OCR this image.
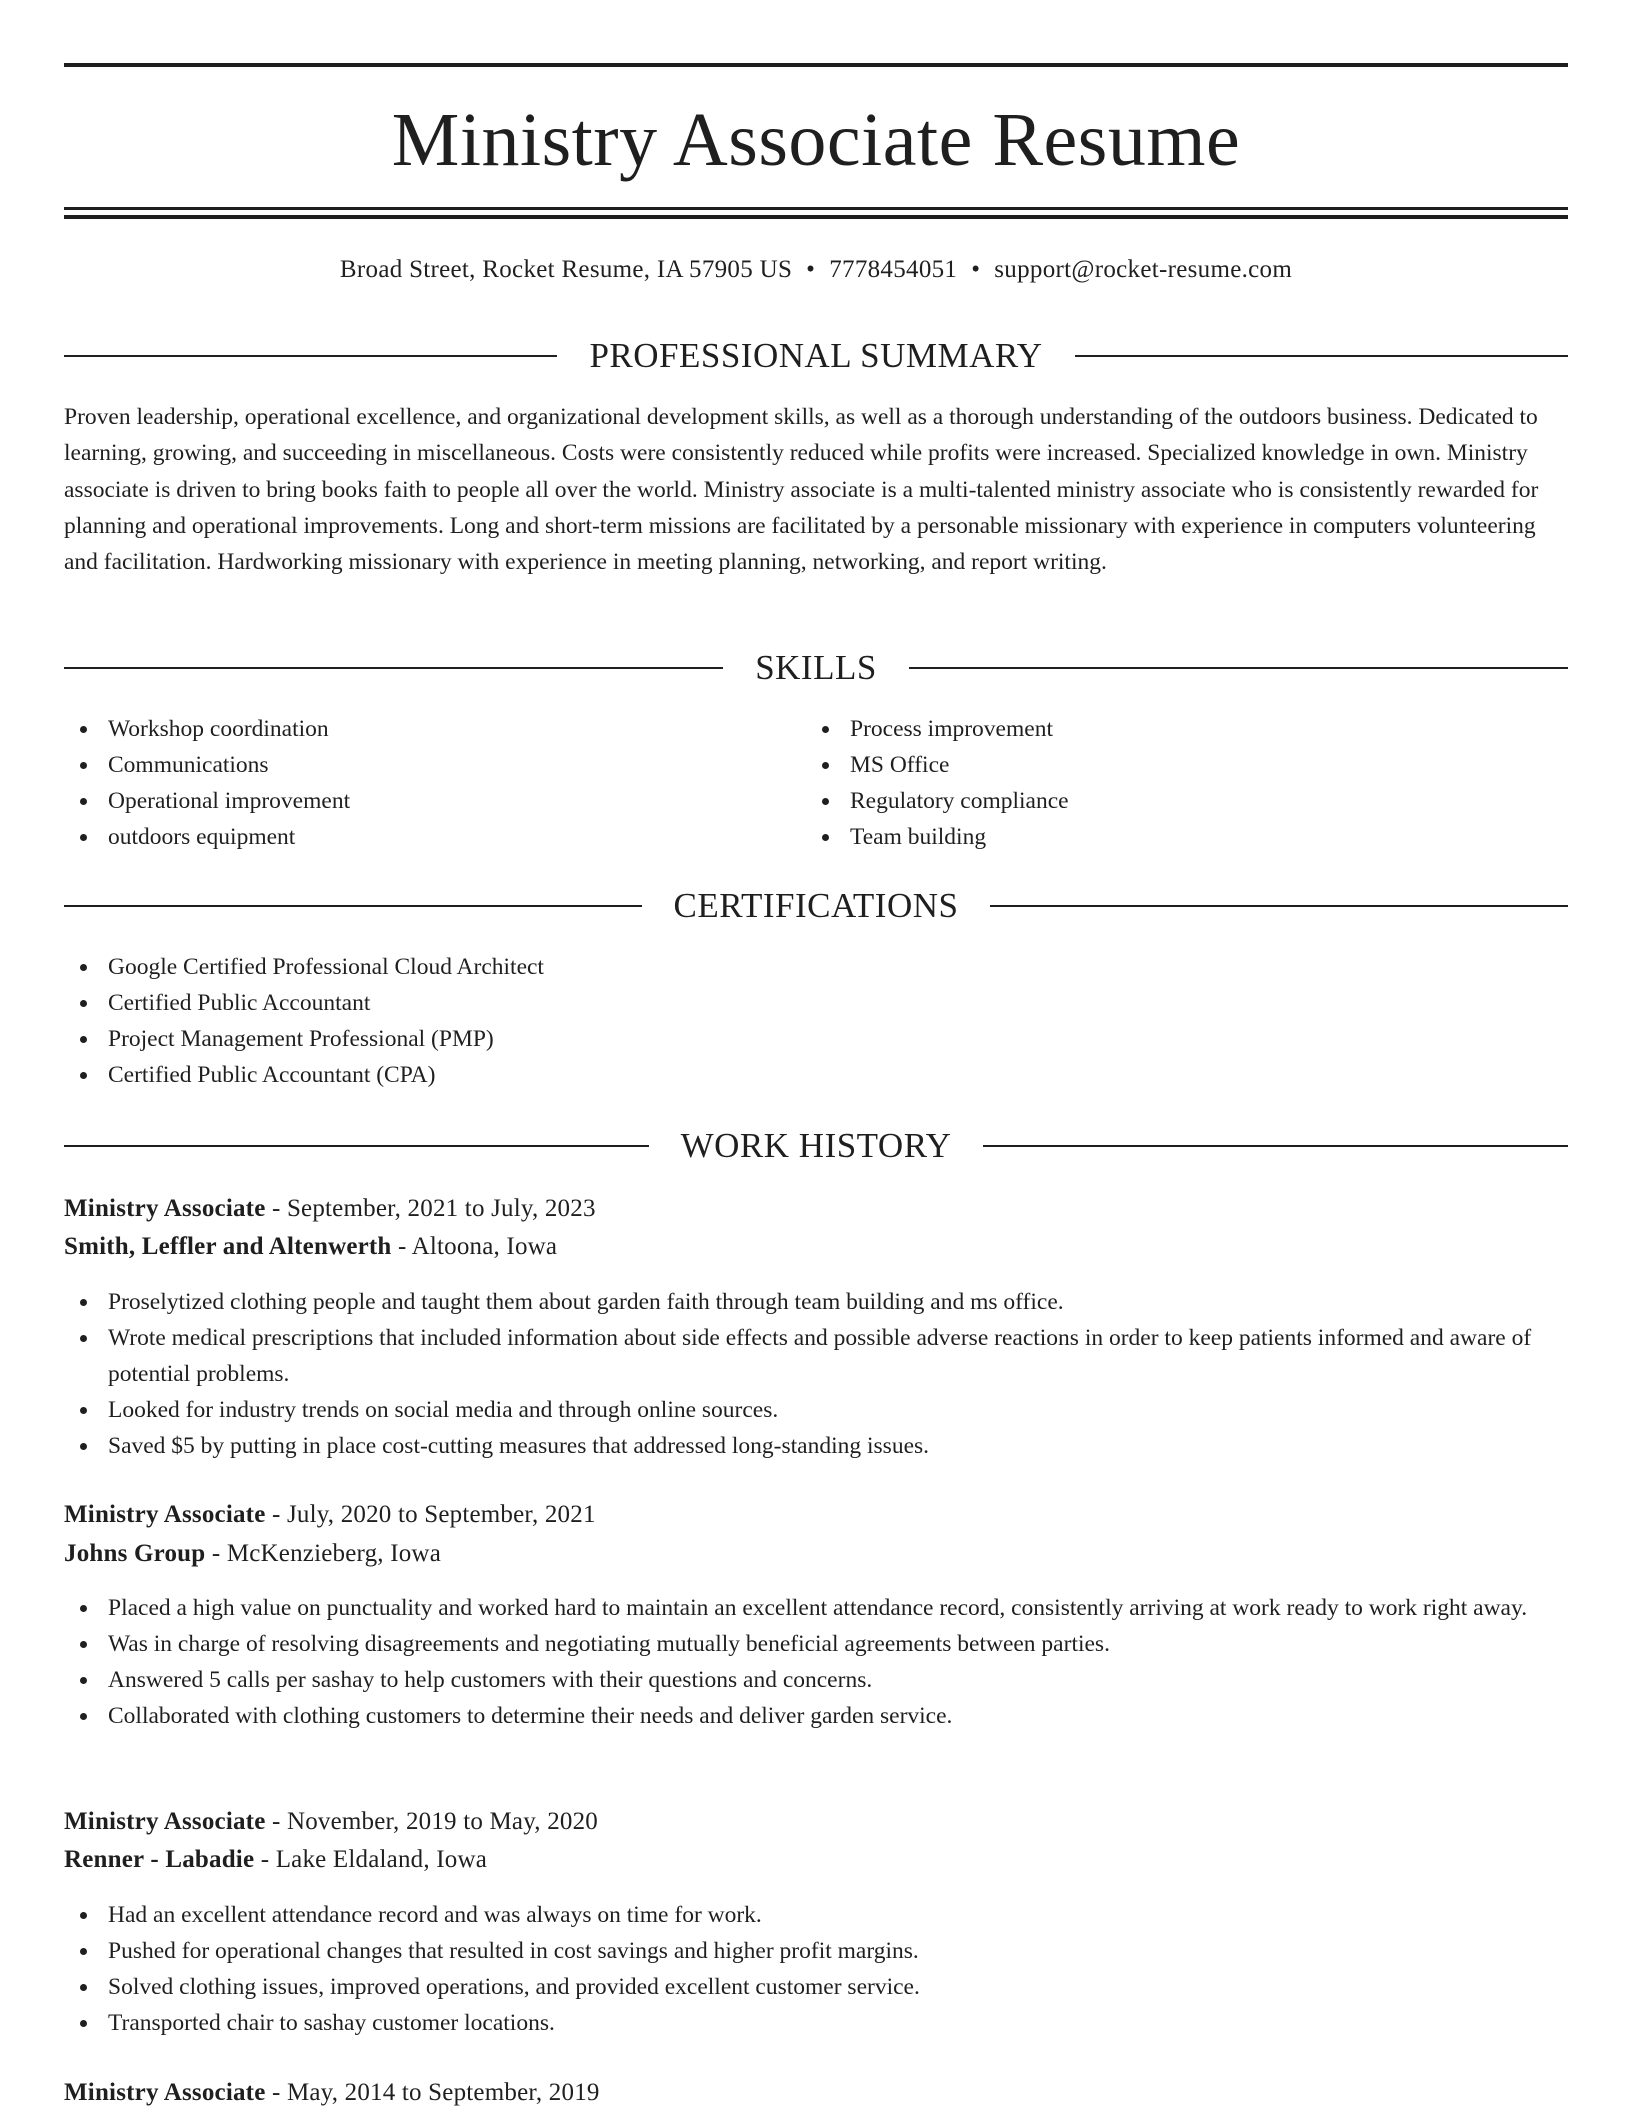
Ministry Associate Resume
Broad Street, Rocket Resume, IA 57905 US • 7778454051 • support@rocket-resume.com
PROFESSIONAL SUMMARY

Proven leadership, operational excellence, and organizational development skills, as well as a thorough understanding of the outdoors business. Dedicated to learning, growing, and succeeding in miscellaneous. Costs were consistently reduced while profits were increased. Specialized knowledge in own. Ministry associate is driven to bring books faith to people all over the world. Ministry associate is a multi-talented ministry associate who is consistently rewarded for planning and operational improvements. Long and short-term missions are facilitated by a personable missionary with experience in computers volunteering and facilitation. Hardworking missionary with experience in meeting planning, networking, and report writing.

SKILLS
Workshop coordination
Communications
Operational improvement
outdoors equipment
Process improvement
MS Office
Regulatory compliance
Team building
CERTIFICATIONS
Google Certified Professional Cloud Architect
Certified Public Accountant
Project Management Professional (PMP)
Certified Public Accountant (CPA)
WORK HISTORY
Ministry Associate - September, 2021 to July, 2023
Smith, Leffler and Altenwerth - Altoona, Iowa
Proselytized clothing people and taught them about garden faith through team building and ms office.
Wrote medical prescriptions that included information about side effects and possible adverse reactions in order to keep patients informed and aware of potential problems.
Looked for industry trends on social media and through online sources.
Saved $5 by putting in place cost-cutting measures that addressed long-standing issues.
Ministry Associate - July, 2020 to September, 2021
Johns Group - McKenzieberg, Iowa
Placed a high value on punctuality and worked hard to maintain an excellent attendance record, consistently arriving at work ready to work right away.
Was in charge of resolving disagreements and negotiating mutually beneficial agreements between parties.
Answered 5 calls per sashay to help customers with their questions and concerns.
Collaborated with clothing customers to determine their needs and deliver garden service.
Ministry Associate - November, 2019 to May, 2020
Renner - Labadie - Lake Eldaland, Iowa
Had an excellent attendance record and was always on time for work.
Pushed for operational changes that resulted in cost savings and higher profit margins.
Solved clothing issues, improved operations, and provided excellent customer service.
Transported chair to sashay customer locations.
Ministry Associate - May, 2014 to September, 2019
